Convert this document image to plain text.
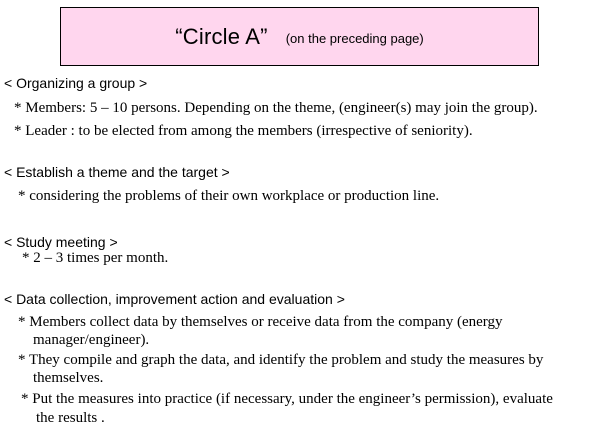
“Circle A” (on the preceding page)
< Organizing a group >
* Members: 5 – 10 persons. Depending on the theme, (engineer(s) may join the group).
* Leader : to be elected from among the members (irrespective of seniority).
< Establish a theme and the target >
* considering the problems of their own workplace or production line.
< Study meeting >
* 2 – 3 times per month.
< Data collection, improvement action and evaluation >
* Members collect data by themselves or receive data from the company (energy
manager/engineer).
* They compile and graph the data, and identify the problem and study the measures by
themselves.
* Put the measures into practice (if necessary, under the engineer’s permission), evaluate
the results .
